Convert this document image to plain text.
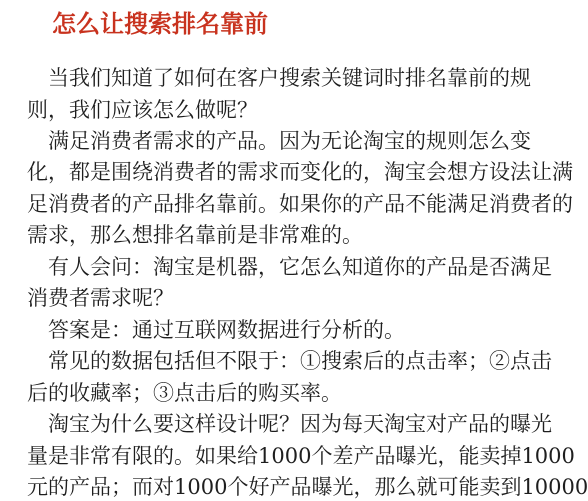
怎么让搜索排名靠前

当我们知道了如何在客户搜索关键词时排名靠前的规

则，我们应该怎么做呢？

满足消费者需求的产品。因为无论淘宝的规则怎么变

化，都是围绕消费者的需求而变化的，淘宝会想方设法让满

足消费者的产品排名靠前。如果你的产品不能满足消费者的

需求，那么想排名靠前是非常难的。

有人会问：淘宝是机器，它怎么知道你的产品是否满足

消费者需求呢？

答案是：通过互联网数据进行分析的。

常见的数据包括但不限于：①搜索后的点击率；②点击

后的收藏率；③点击后的购买率。

淘宝为什么要这样设计呢？因为每天淘宝对产品的曝光

量是非常有限的。如果给1000个差产品曝光，能卖掉1000

元的产品；而对1000个好产品曝光，那么就可能卖到10000
